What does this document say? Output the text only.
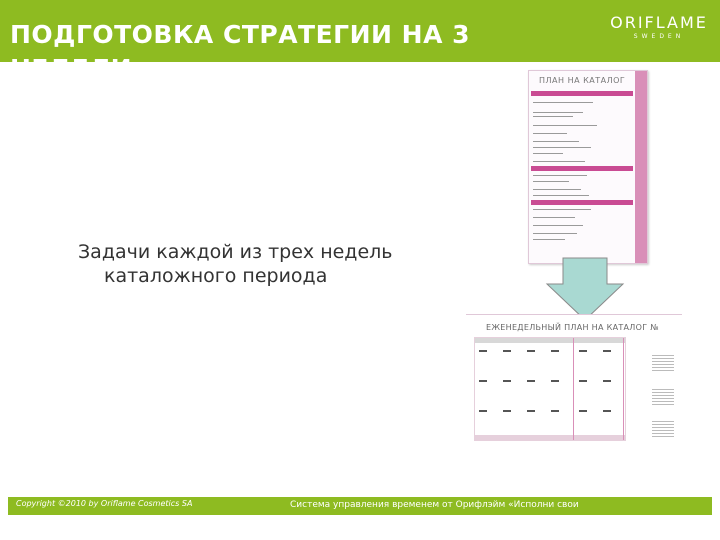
ПОДГОТОВКА СТРАТЕГИИ НА 3 НЕДЕЛИ
ORIFLAME
SWEDEN
Задачи каждой из трех недель каталожного периода
ПЛАН НА КАТАЛОГ
ЕЖЕНЕДЕЛЬНЫЙ ПЛАН НА КАТАЛОГ №
Copyright ©2010 by Oriflame Cosmetics SA	Система управления временем от Орифлэйм «Исполни свои
